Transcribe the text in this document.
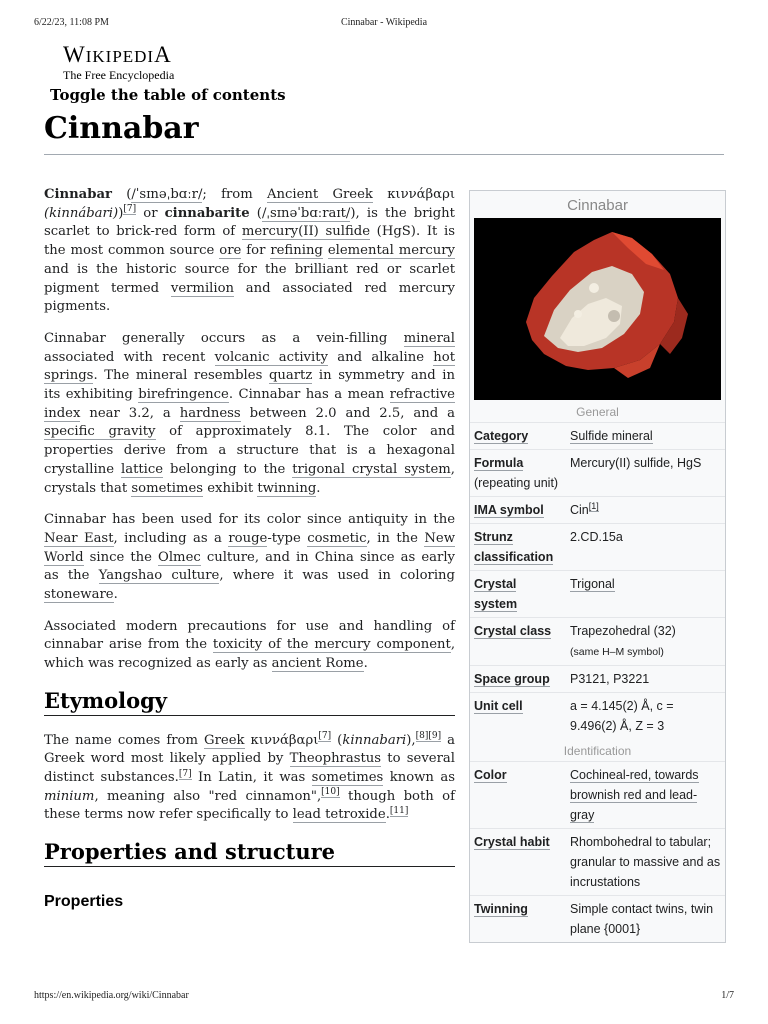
6/22/23, 11:08 PM	Cinnabar - Wikipedia
WIKIPEDIA
The Free Encyclopedia
Toggle the table of contents
Cinnabar

Cinnabar (/ˈsɪnəˌbɑːr/; from Ancient Greek κιννάβαρι (kinnábari))[7] or cinnabarite (/ˌsɪnəˈbɑːraɪt/), is the bright scarlet to brick-red form of mercury(II) sulfide (HgS). It is the most common source ore for refining elemental mercury and is the historic source for the brilliant red or scarlet pigment termed vermilion and associated red mercury pigments.

Cinnabar generally occurs as a vein-filling mineral associated with recent volcanic activity and alkaline hot springs. The mineral resembles quartz in symmetry and in its exhibiting birefringence. Cinnabar has a mean refractive index near 3.2, a hardness between 2.0 and 2.5, and a specific gravity of approximately 8.1. The color and properties derive from a structure that is a hexagonal crystalline lattice belonging to the trigonal crystal system, crystals that sometimes exhibit twinning.

Cinnabar has been used for its color since antiquity in the Near East, including as a rouge-type cosmetic, in the New World since the Olmec culture, and in China since as early as the Yangshao culture, where it was used in coloring stoneware.

Associated modern precautions for use and handling of cinnabar arise from the toxicity of the mercury component, which was recognized as early as ancient Rome.

Etymology

The name comes from Greek κιννάβαρι[7] (kinnabari),[8][9] a Greek word most likely applied by Theophrastus to several distinct substances.[7] In Latin, it was sometimes known as minium, meaning also "red cinnamon",[10] though both of these terms now refer specifically to lead tetroxide.[11]

Properties and structure
Properties
Cinnabar
General
Category	Sulfide mineral
Formula
(repeating unit)	Mercury(II) sulfide, HgS
IMA symbol	Cin[1]
Strunz classification	2.CD.15a
Crystal system	Trigonal
Crystal class	Trapezohedral (32)
(same H–M symbol)
Space group	P3121, P3221
Unit cell	a = 4.145(2) Å, c = 9.496(2) Å, Z = 3
Identification
Color	Cochineal-red, towards brownish red and lead-gray
Crystal habit	Rhombohedral to tabular; granular to massive and as incrustations
Twinning	Simple contact twins, twin plane {0001}
https://en.wikipedia.org/wiki/Cinnabar	1/7
